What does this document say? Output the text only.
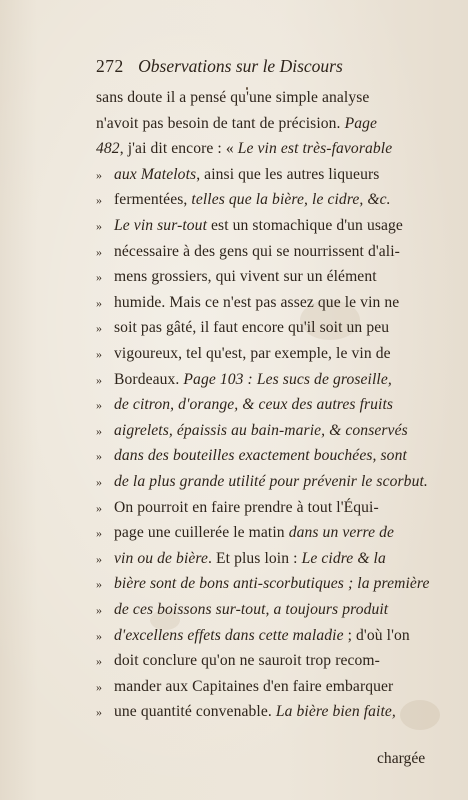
272 Observations sur le Discours
sans doute il a pensé qu'une simple analyse
n'avoit pas besoin de tant de précision. Page
482, j'ai dit encore : « Le vin est très-favorable
» aux Matelots, ainsi que les autres liqueurs
» fermentées, telles que la bière, le cidre, &c.
» Le vin sur-tout est un stomachique d'un usage
» nécessaire à des gens qui se nourrissent d'ali-
» mens grossiers, qui vivent sur un élément
» humide. Mais ce n'est pas assez que le vin ne
» soit pas gâté, il faut encore qu'il soit un peu
» vigoureux, tel qu'est, par exemple, le vin de
» Bordeaux. Page 103 : Les sucs de groseille,
» de citron, d'orange, & ceux des autres fruits
» aigrelets, épaissis au bain-marie, & conservés
» dans des bouteilles exactement bouchées, sont
» de la plus grande utilité pour prévenir le scorbut.
» On pourroit en faire prendre à tout l'Équi-
» page une cuillerée le matin dans un verre de
» vin ou de bière. Et plus loin : Le cidre & la
» bière sont de bons anti-scorbutiques ; la première
» de ces boissons sur-tout, a toujours produit
» d'excellens effets dans cette maladie ; d'où l'on
» doit conclure qu'on ne sauroit trop recom-
» mander aux Capitaines d'en faire embarquer
» une quantité convenable. La bière bien faite,
chargée
